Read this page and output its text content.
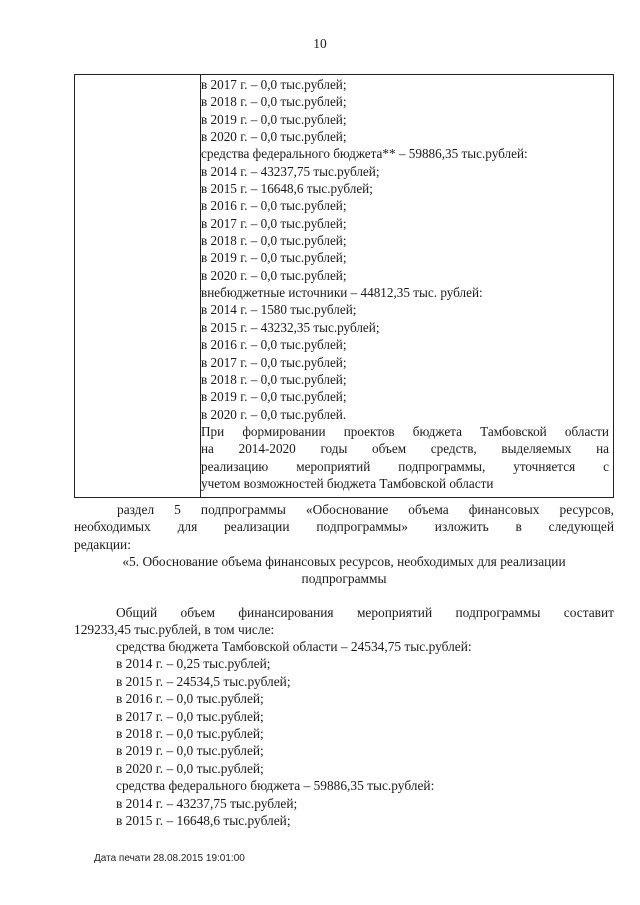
10
в 2017 г. – 0,0 тыс.рублей;
в 2018 г. – 0,0 тыс.рублей;
в 2019 г. – 0,0 тыс.рублей;
в 2020 г. – 0,0 тыс.рублей;
средства федерального бюджета** – 59886,35 тыс.рублей:
в 2014 г. – 43237,75 тыс.рублей;
в 2015 г. – 16648,6 тыс.рублей;
в 2016 г. – 0,0 тыс.рублей;
в 2017 г. – 0,0 тыс.рублей;
в 2018 г. – 0,0 тыс.рублей;
в 2019 г. – 0,0 тыс.рублей;
в 2020 г. – 0,0 тыс.рублей;
внебюджетные источники – 44812,35 тыс. рублей:
в 2014 г. – 1580 тыс.рублей;
в 2015 г. – 43232,35 тыс.рублей;
в 2016 г. – 0,0 тыс.рублей;
в 2017 г. – 0,0 тыс.рублей;
в 2018 г. – 0,0 тыс.рублей;
в 2019 г. – 0,0 тыс.рублей;
в 2020 г. – 0,0 тыс.рублей.
При формировании проектов бюджета Тамбовской области
на 2014-2020 годы объем средств, выделяемых на
реализацию мероприятий подпрограммы, уточняется с
учетом возможностей бюджета Тамбовской области
раздел 5 подпрограммы «Обоснование объема финансовых ресурсов,
необходимых для реализации подпрограммы» изложить в следующей
редакции:
«5. Обоснование объема финансовых ресурсов, необходимых для реализации
подпрограммы
Общий объем финансирования мероприятий подпрограммы составит
129233,45 тыс.рублей, в том числе:
средства бюджета Тамбовской области – 24534,75 тыс.рублей:
в 2014 г. – 0,25 тыс.рублей;
в 2015 г. – 24534,5 тыс.рублей;
в 2016 г. – 0,0 тыс.рублей;
в 2017 г. – 0,0 тыс.рублей;
в 2018 г. – 0,0 тыс.рублей;
в 2019 г. – 0,0 тыс.рублей;
в 2020 г. – 0,0 тыс.рублей;
средства федерального бюджета – 59886,35 тыс.рублей:
в 2014 г. – 43237,75 тыс.рублей;
в 2015 г. – 16648,6 тыс.рублей;
Дата печати 28.08.2015 19:01:00
